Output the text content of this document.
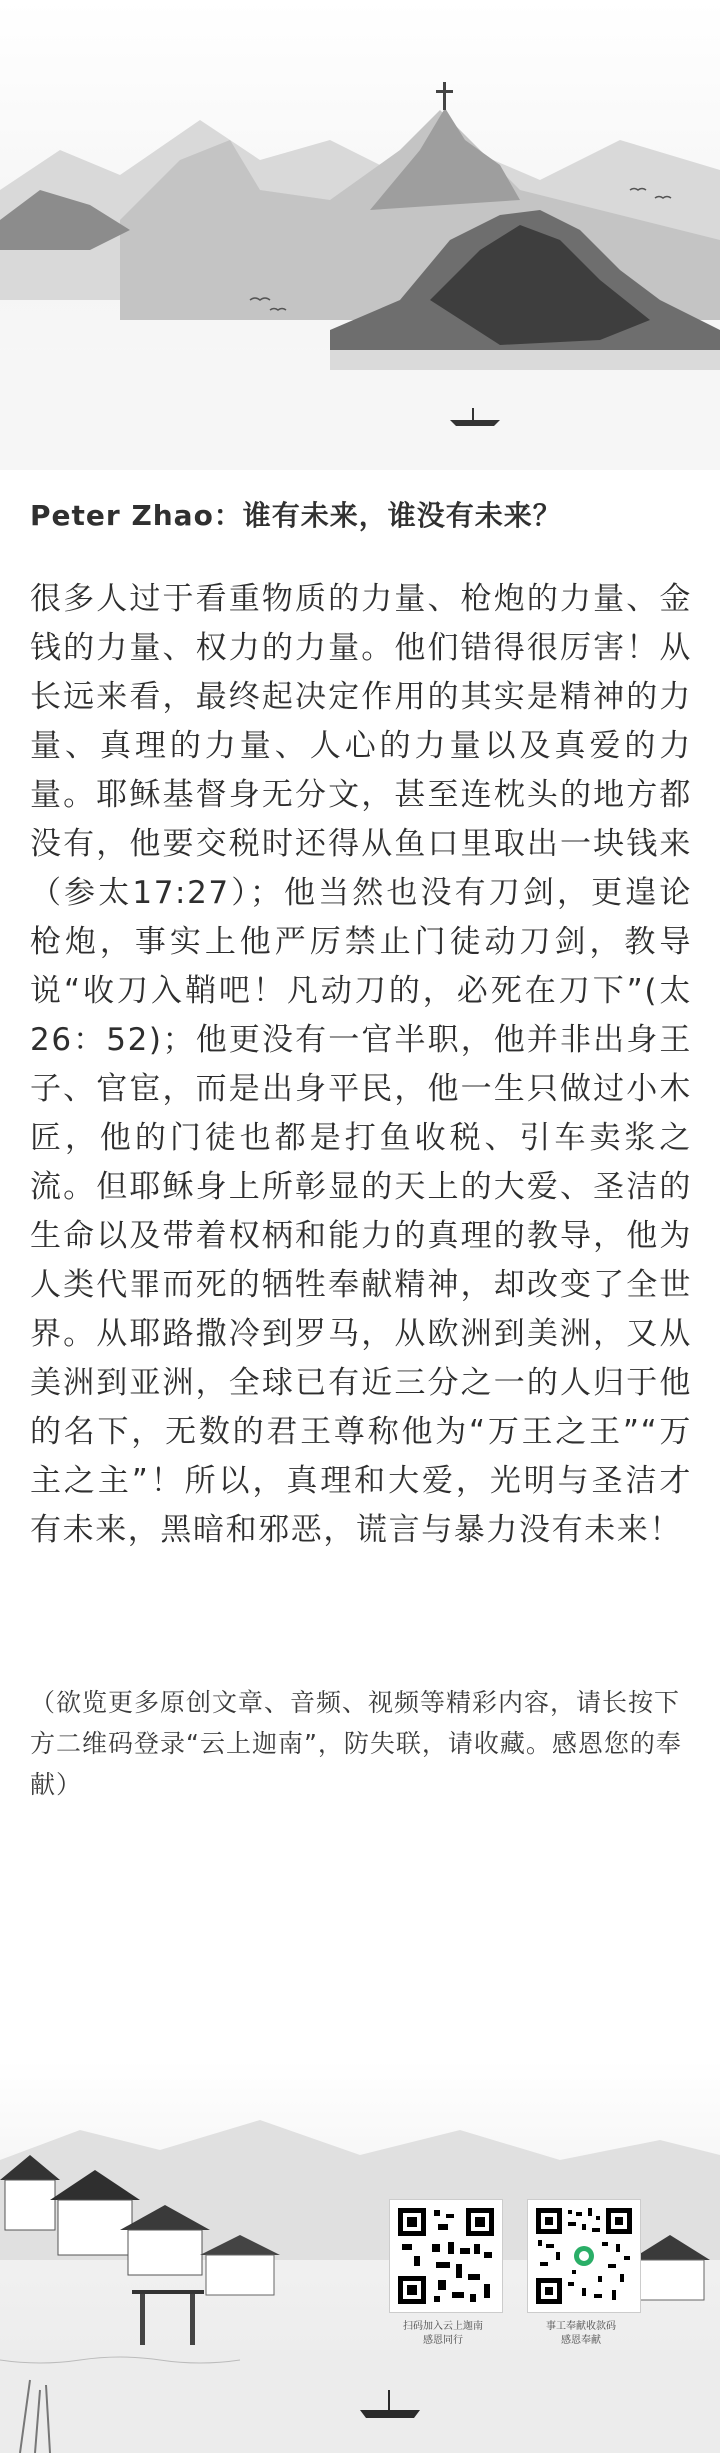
Peter Zhao：谁有未来，谁没有未来？
很多人过于看重物质的力量、枪炮的力量、金钱的力量、权力的力量。他们错得很厉害！从长远来看，最终起决定作用的其实是精神的力量、真理的力量、人心的力量以及真爱的力量。耶稣基督身无分文，甚至连枕头的地方都没有，他要交税时还得从鱼口里取出一块钱来（参太17:27）；他当然也没有刀剑，更遑论枪炮，事实上他严厉禁止门徒动刀剑，教导说“收刀入鞘吧！凡动刀的，必死在刀下”(太26：52)；他更没有一官半职，他并非出身王子、官宦，而是出身平民，他一生只做过小木匠，他的门徒也都是打鱼收税、引车卖浆之流。但耶稣身上所彰显的天上的大爱、圣洁的生命以及带着权柄和能力的真理的教导，他为人类代罪而死的牺牲奉献精神，却改变了全世界。从耶路撒冷到罗马，从欧洲到美洲，又从美洲到亚洲，全球已有近三分之一的人归于他的名下，无数的君王尊称他为“万王之王”“万主之主”！所以，真理和大爱，光明与圣洁才有未来，黑暗和邪恶，谎言与暴力没有未来！
（欲览更多原创文章、音频、视频等精彩内容，请长按下方二维码登录“云上迦南”，防失联，请收藏。感恩您的奉献）
扫码加入云上迦南
感恩同行
事工奉献收款码
感恩奉献
